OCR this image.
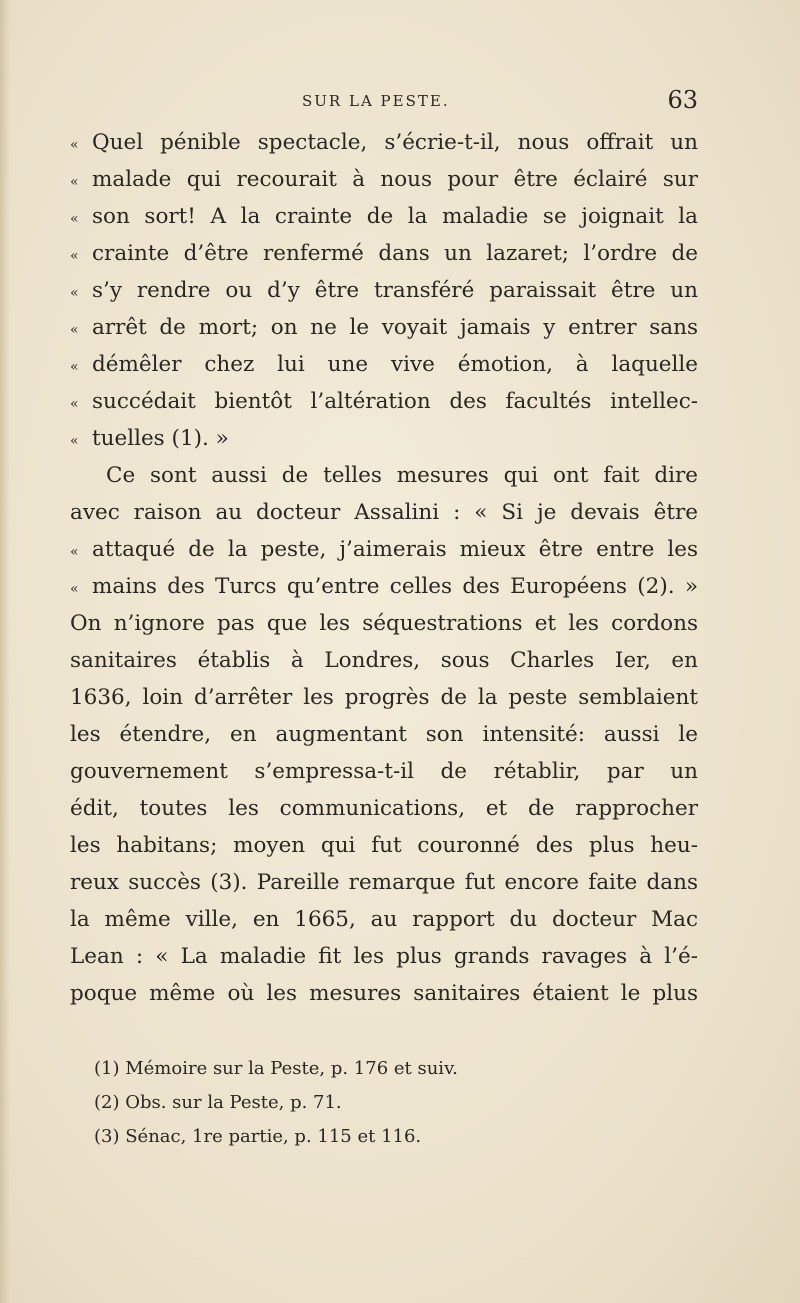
SUR LA PESTE.	63
« Quel pénible spectacle, s’écrie-t-il, nous offrait un
« malade qui recourait à nous pour être éclairé sur
« son sort! A la crainte de la maladie se joignait la
« crainte d’être renfermé dans un lazaret; l’ordre de
« s’y rendre ou d’y être transféré paraissait être un
« arrêt de mort; on ne le voyait jamais y entrer sans
« démêler chez lui une vive émotion, à laquelle
« succédait bientôt l’altération des facultés intellec-
« tuelles (1). »
Ce sont aussi de telles mesures qui ont fait dire
avec raison au docteur Assalini : « Si je devais être
« attaqué de la peste, j’aimerais mieux être entre les
« mains des Turcs qu’entre celles des Européens (2). »
On n’ignore pas que les séquestrations et les cordons
sanitaires établis à Londres, sous Charles Ier, en
1636, loin d’arrêter les progrès de la peste semblaient
les étendre, en augmentant son intensité: aussi le
gouvernement s’empressa-t-il de rétablir, par un
édit, toutes les communications, et de rapprocher
les habitans; moyen qui fut couronné des plus heu-
reux succès (3). Pareille remarque fut encore faite dans
la même ville, en 1665, au rapport du docteur Mac
Lean : « La maladie fit les plus grands ravages à l’é-
poque même où les mesures sanitaires étaient le plus
(1) Mémoire sur la Peste, p. 176 et suiv.
(2) Obs. sur la Peste, p. 71.
(3) Sénac, 1re partie, p. 115 et 116.
